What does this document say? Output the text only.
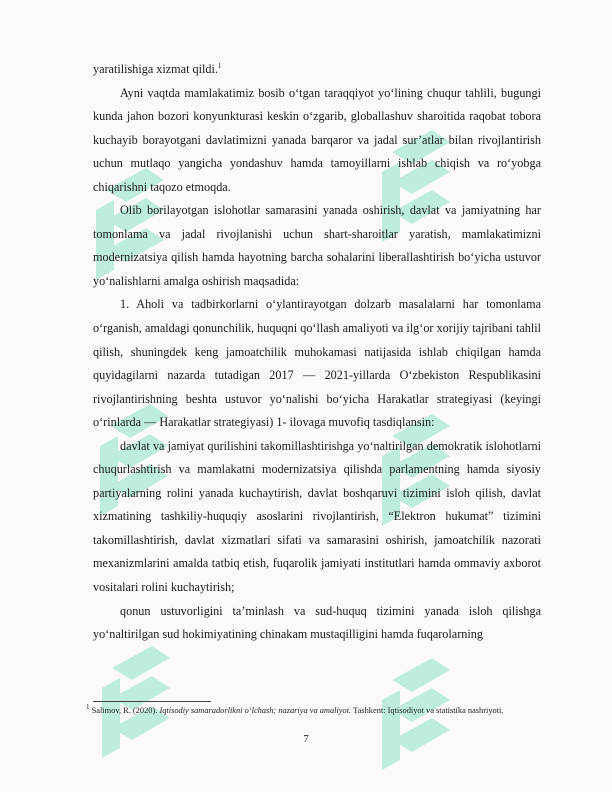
yaratilishiga xizmat qildi.$^1$

Ayni vaqtda mamlakatimiz bosib o‘tgan taraqqiyot yo‘lining chuqur tahlili, bugungi kunda jahon bozori konyunkturasi keskin o‘zgarib, globallashuv sharoitida raqobat tobora kuchayib borayotgani davlatimizni yanada barqaror va jadal sur’atlar bilan rivojlantirish uchun mutlaqo yangicha yondashuv hamda tamoyillarni ishlab chiqish va ro‘yobga chiqarishni taqozo etmoqda.

Olib borilayotgan islohotlar samarasini yanada oshirish, davlat va jamiyatning har tomonlama va jadal rivojlanishi uchun shart-sharoitlar yaratish, mamlakatimizni modernizatsiya qilish hamda hayotning barcha sohalarini liberallashtirish bo‘yicha ustuvor yo‘nalishlarni amalga oshirish maqsadida:

1. Aholi va tadbirkorlarni o‘ylantirayotgan dolzarb masalalarni har tomonlama o‘rganish, amaldagi qonunchilik, huquqni qo‘llash amaliyoti va ilg‘or xorijiy tajribani tahlil qilish, shuningdek keng jamoatchilik muhokamasi natijasida ishlab chiqilgan hamda quyidagilarni nazarda tutadigan 2017 — 2021-yillarda O‘zbekiston Respublikasini rivojlantirishning beshta ustuvor yo‘nalishi bo‘yicha Harakatlar strategiyasi (keyingi o‘rinlarda — Harakatlar strategiyasi) 1- ilovaga muvofiq tasdiqlansin:

davlat va jamiyat qurilishini takomillashtirishga yo‘naltirilgan demokratik islohotlarni chuqurlashtirish va mamlakatni modernizatsiya qilishda parlamentning hamda siyosiy partiyalarning rolini yanada kuchaytirish, davlat boshqaruvi tizimini isloh qilish, davlat xizmatining tashkiliy-huquqiy asoslarini rivojlantirish, “Elektron hukumat” tizimini takomillashtirish, davlat xizmatlari sifati va samarasini oshirish, jamoatchilik nazorati mexanizmlarini amalda tatbiq etish, fuqarolik jamiyati institutlari hamda ommaviy axborot vositalari rolini kuchaytirish;

qonun ustuvorligini ta’minlash va sud-huquq tizimini yanada isloh qilishga yo‘naltirilgan sud hokimiyatining chinakam mustaqilligini hamda fuqarolarning

$^1$ Salimov, R. (2020). Iqtisodiy samaradorlikni o‘lchash: nazariya va amaliyot. Tashkent: Iqtisodiyot va statistika nashriyoti.
7
